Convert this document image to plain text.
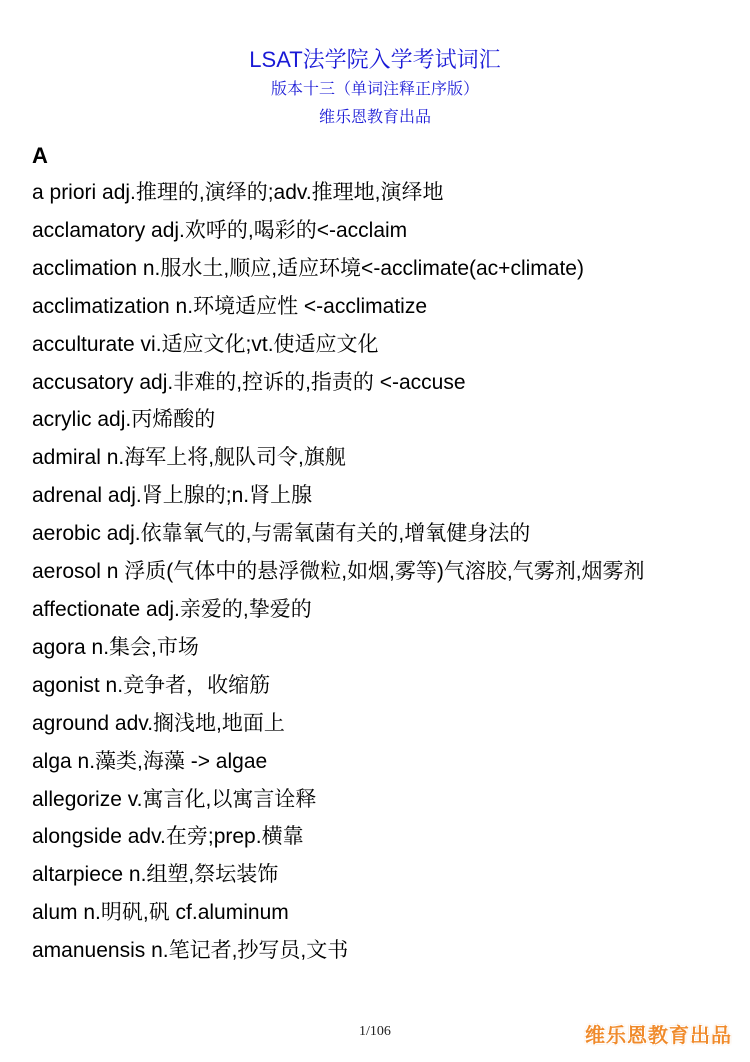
LSAT法学院入学考试词汇
版本十三（单词注释正序版）
维乐恩教育出品
A
a priori adj.推理的,演绎的;adv.推理地,演绎地
acclamatory adj.欢呼的,喝彩的<-acclaim
acclimation n.服水土,顺应,适应环境<-acclimate(ac+climate)
acclimatization n.环境适应性 <-acclimatize
acculturate vi.适应文化;vt.使适应文化
accusatory adj.非难的,控诉的,指责的 <-accuse
acrylic adj.丙烯酸的
admiral n.海军上将,舰队司令,旗舰
adrenal adj.肾上腺的;n.肾上腺
aerobic adj.依靠氧气的,与需氧菌有关的,增氧健身法的
aerosol n 浮质(气体中的悬浮微粒,如烟,雾等)气溶胶,气雾剂,烟雾剂
affectionate adj.亲爱的,挚爱的
agora n.集会,市场
agonist n.竞争者，收缩筋
aground adv.搁浅地,地面上
alga n.藻类,海藻 -> algae
allegorize v.寓言化,以寓言诠释
alongside adv.在旁;prep.横靠
altarpiece n.组塑,祭坛装饰
alum n.明矾,矾 cf.aluminum
amanuensis n.笔记者,抄写员,文书
1/106	维乐恩教育出品
